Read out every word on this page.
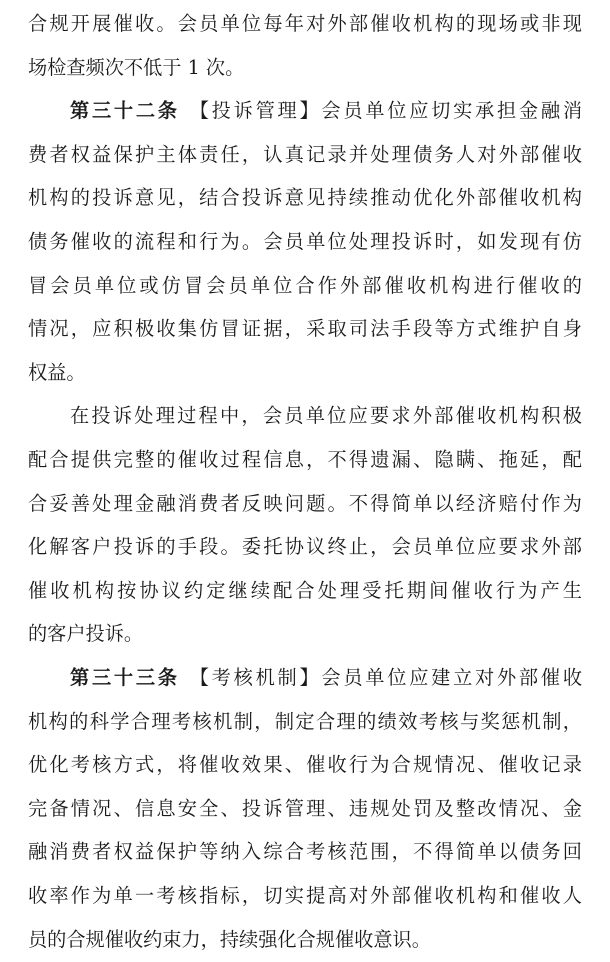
合规开展催收。会员单位每年对外部催收机构的现场或非现
场检查频次不低于 1 次。
第三十二条 【投诉管理】会员单位应切实承担金融消
费者权益保护主体责任，认真记录并处理债务人对外部催收
机构的投诉意见，结合投诉意见持续推动优化外部催收机构
债务催收的流程和行为。会员单位处理投诉时，如发现有仿
冒会员单位或仿冒会员单位合作外部催收机构进行催收的
情况，应积极收集仿冒证据，采取司法手段等方式维护自身
权益。
在投诉处理过程中，会员单位应要求外部催收机构积极
配合提供完整的催收过程信息，不得遗漏、隐瞒、拖延，配
合妥善处理金融消费者反映问题。不得简单以经济赔付作为
化解客户投诉的手段。委托协议终止，会员单位应要求外部
催收机构按协议约定继续配合处理受托期间催收行为产生
的客户投诉。
第三十三条 【考核机制】会员单位应建立对外部催收
机构的科学合理考核机制，制定合理的绩效考核与奖惩机制，
优化考核方式，将催收效果、催收行为合规情况、催收记录
完备情况、信息安全、投诉管理、违规处罚及整改情况、金
融消费者权益保护等纳入综合考核范围，不得简单以债务回
收率作为单一考核指标，切实提高对外部催收机构和催收人
员的合规催收约束力，持续强化合规催收意识。
